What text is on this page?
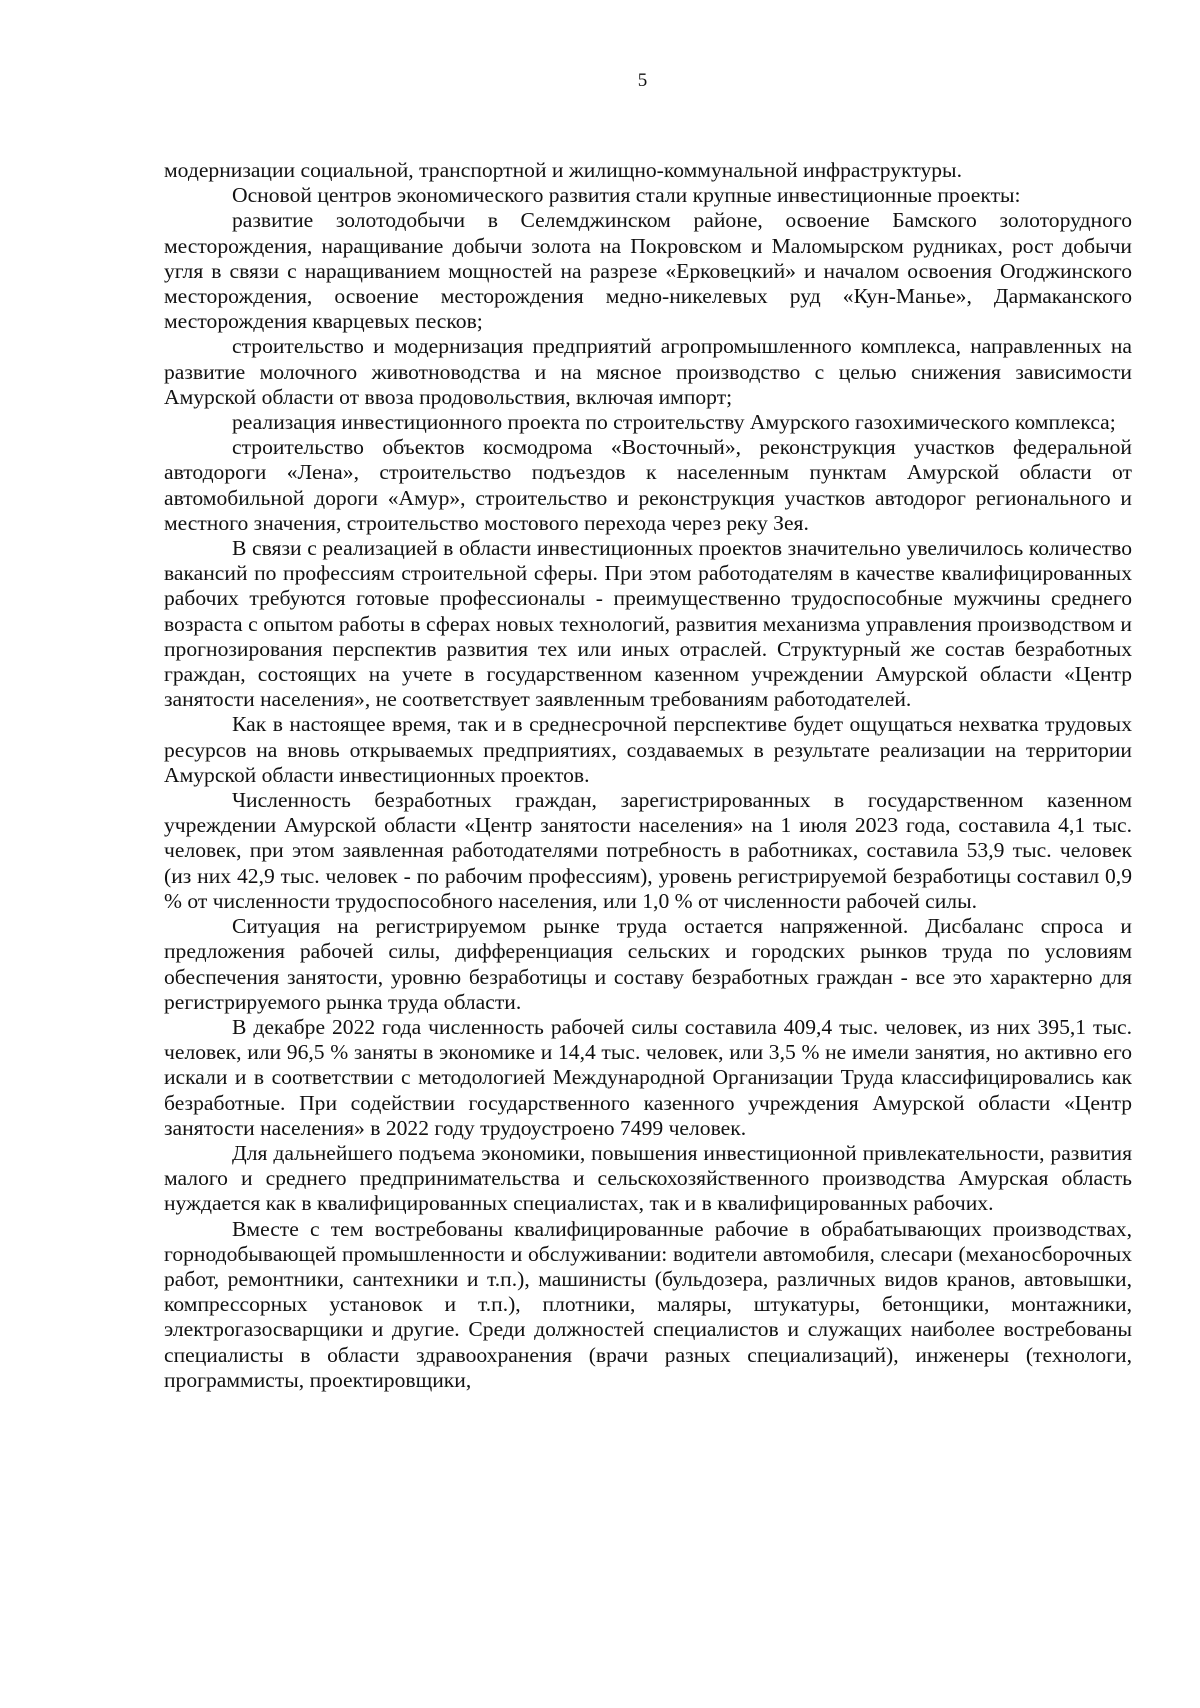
5

модернизации социальной, транспортной и жилищно-коммунальной инфраструктуры.

Основой центров экономического развития стали крупные инвестиционные проекты:

развитие золотодобычи в Селемджинском районе, освоение Бамского золоторудного месторождения, наращивание добычи золота на Покровском и Маломырском рудниках, рост добычи угля в связи с наращиванием мощностей на разрезе «Ерковецкий» и началом освоения Огоджинского месторождения, освоение месторождения медно-никелевых руд «Кун-Манье», Дармаканского месторождения кварцевых песков;

строительство и модернизация предприятий агропромышленного комплекса, направленных на развитие молочного животноводства и на мясное производство с целью снижения зависимости Амурской области от ввоза продовольствия, включая импорт;

реализация инвестиционного проекта по строительству Амурского газохимического комплекса;

строительство объектов космодрома «Восточный», реконструкция участков федеральной автодороги «Лена», строительство подъездов к населенным пунктам Амурской области от автомобильной дороги «Амур», строительство и реконструкция участков автодорог регионального и местного значения, строительство мостового перехода через реку Зея.

В связи с реализацией в области инвестиционных проектов значительно увеличилось количество вакансий по профессиям строительной сферы. При этом работодателям в качестве квалифицированных рабочих требуются готовые профессионалы - преимущественно трудоспособные мужчины среднего возраста с опытом работы в сферах новых технологий, развития механизма управления производством и прогнозирования перспектив развития тех или иных отраслей. Структурный же состав безработных граждан, состоящих на учете в государственном казенном учреждении Амурской области «Центр занятости населения», не соответствует заявленным требованиям работодателей.

Как в настоящее время, так и в среднесрочной перспективе будет ощущаться нехватка трудовых ресурсов на вновь открываемых предприятиях, создаваемых в результате реализации на территории Амурской области инвестиционных проектов.

Численность безработных граждан, зарегистрированных в государственном казенном учреждении Амурской области «Центр занятости населения» на 1 июля 2023 года, составила 4,1 тыс. человек, при этом заявленная работодателями потребность в работниках, составила 53,9 тыс. человек (из них 42,9 тыс. человек - по рабочим профессиям), уровень регистрируемой безработицы составил 0,9 % от численности трудоспособного населения, или 1,0 % от численности рабочей силы.

Ситуация на регистрируемом рынке труда остается напряженной. Дисбаланс спроса и предложения рабочей силы, дифференциация сельских и городских рынков труда по условиям обеспечения занятости, уровню безработицы и составу безработных граждан - все это характерно для регистрируемого рынка труда области.

В декабре 2022 года численность рабочей силы составила 409,4 тыс. человек, из них 395,1 тыс. человек, или 96,5 % заняты в экономике и 14,4 тыс. человек, или 3,5 % не имели занятия, но активно его искали и в соответствии с методологией Международной Организации Труда классифицировались как безработные. При содействии государственного казенного учреждения Амурской области «Центр занятости населения» в 2022 году трудоустроено 7499 человек.

Для дальнейшего подъема экономики, повышения инвестиционной привлекательности, развития малого и среднего предпринимательства и сельскохозяйственного производства Амурская область нуждается как в квалифицированных специалистах, так и в квалифицированных рабочих.

Вместе с тем востребованы квалифицированные рабочие в обрабатывающих производствах, горнодобывающей промышленности и обслуживании: водители автомобиля, слесари (механосборочных работ, ремонтники, сантехники и т.п.), машинисты (бульдозера, различных видов кранов, автовышки, компрессорных установок и т.п.), плотники, маляры, штукатуры, бетонщики, монтажники, электрогазосварщики и другие. Среди должностей специалистов и служащих наиболее востребованы специалисты в области здравоохранения (врачи разных специализаций), инженеры (технологи, программисты, проектировщики,
